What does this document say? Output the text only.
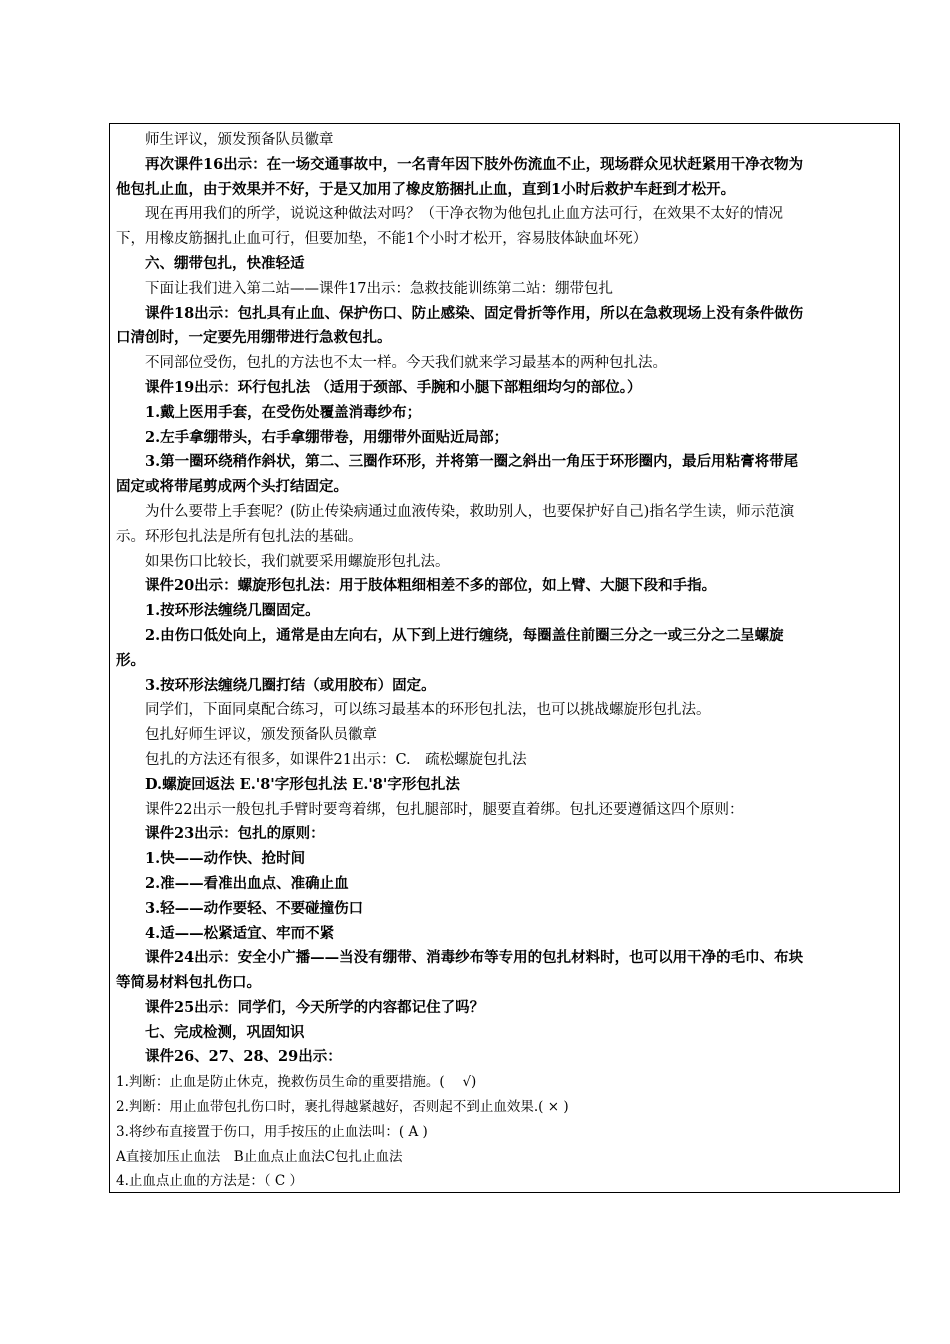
师生评议，颁发预备队员徽章
再次课件16出示：在一场交通事故中，一名青年因下肢外伤流血不止，现场群众见状赶紧用干净衣物为
他包扎止血，由于效果并不好，于是又加用了橡皮筋捆扎止血，直到1小时后救护车赶到才松开。
现在再用我们的所学，说说这种做法对吗？（干净衣物为他包扎止血方法可行，在效果不太好的情况
下，用橡皮筋捆扎止血可行，但要加垫，不能1个小时才松开，容易肢体缺血坏死）
六、绷带包扎，快准轻适
下面让我们进入第二站——课件17出示：急救技能训练第二站：绷带包扎
课件18出示：包扎具有止血、保护伤口、防止感染、固定骨折等作用，所以在急救现场上没有条件做伤
口清创时，一定要先用绷带进行急救包扎。
不同部位受伤，包扎的方法也不太一样。今天我们就来学习最基本的两种包扎法。
课件19出示：环行包扎法 （适用于颈部、手腕和小腿下部粗细均匀的部位。）
1.戴上医用手套，在受伤处覆盖消毒纱布；
2.左手拿绷带头，右手拿绷带卷，用绷带外面贴近局部；
3.第一圈环绕稍作斜状，第二、三圈作环形，并将第一圈之斜出一角压于环形圈内，最后用粘膏将带尾
固定或将带尾剪成两个头打结固定。
为什么要带上手套呢？(防止传染病通过血液传染，救助别人，也要保护好自己)指名学生读，师示范演
示。环形包扎法是所有包扎法的基础。
如果伤口比较长，我们就要采用螺旋形包扎法。
课件20出示：螺旋形包扎法：用于肢体粗细相差不多的部位，如上臂、大腿下段和手指。
1.按环形法缠绕几圈固定。
2.由伤口低处向上，通常是由左向右，从下到上进行缠绕，每圈盖住前圈三分之一或三分之二呈螺旋
形。
3.按环形法缠绕几圈打结（或用胶布）固定。
同学们，下面同桌配合练习，可以练习最基本的环形包扎法，也可以挑战螺旋形包扎法。
包扎好师生评议，颁发预备队员徽章
包扎的方法还有很多，如课件21出示：C.　疏松螺旋包扎法
D.螺旋回返法 E.'8'字形包扎法 E.'8'字形包扎法
课件22出示一般包扎手臂时要弯着绑，包扎腿部时，腿要直着绑。包扎还要遵循这四个原则：
课件23出示：包扎的原则：
1.快——动作快、抢时间
2.准——看准出血点、准确止血
3.轻——动作要轻、不要碰撞伤口
4.适——松紧适宜、牢而不紧
课件24出示：安全小广播——当没有绷带、消毒纱布等专用的包扎材料时，也可以用干净的毛巾、布块
等简易材料包扎伤口。
课件25出示：同学们，今天所学的内容都记住了吗？
七、完成检测，巩固知识
课件26、27、28、29出示：
1.判断：止血是防止休克，挽救伤员生命的重要措施。(　 √)
2.判断：用止血带包扎伤口时，裹扎得越紧越好，否则起不到止血效果.( × )
3.将纱布直接置于伤口，用手按压的止血法叫：( A )
A直接加压止血法　B止血点止血法C包扎止血法
4.止血点止血的方法是：（ C ）
